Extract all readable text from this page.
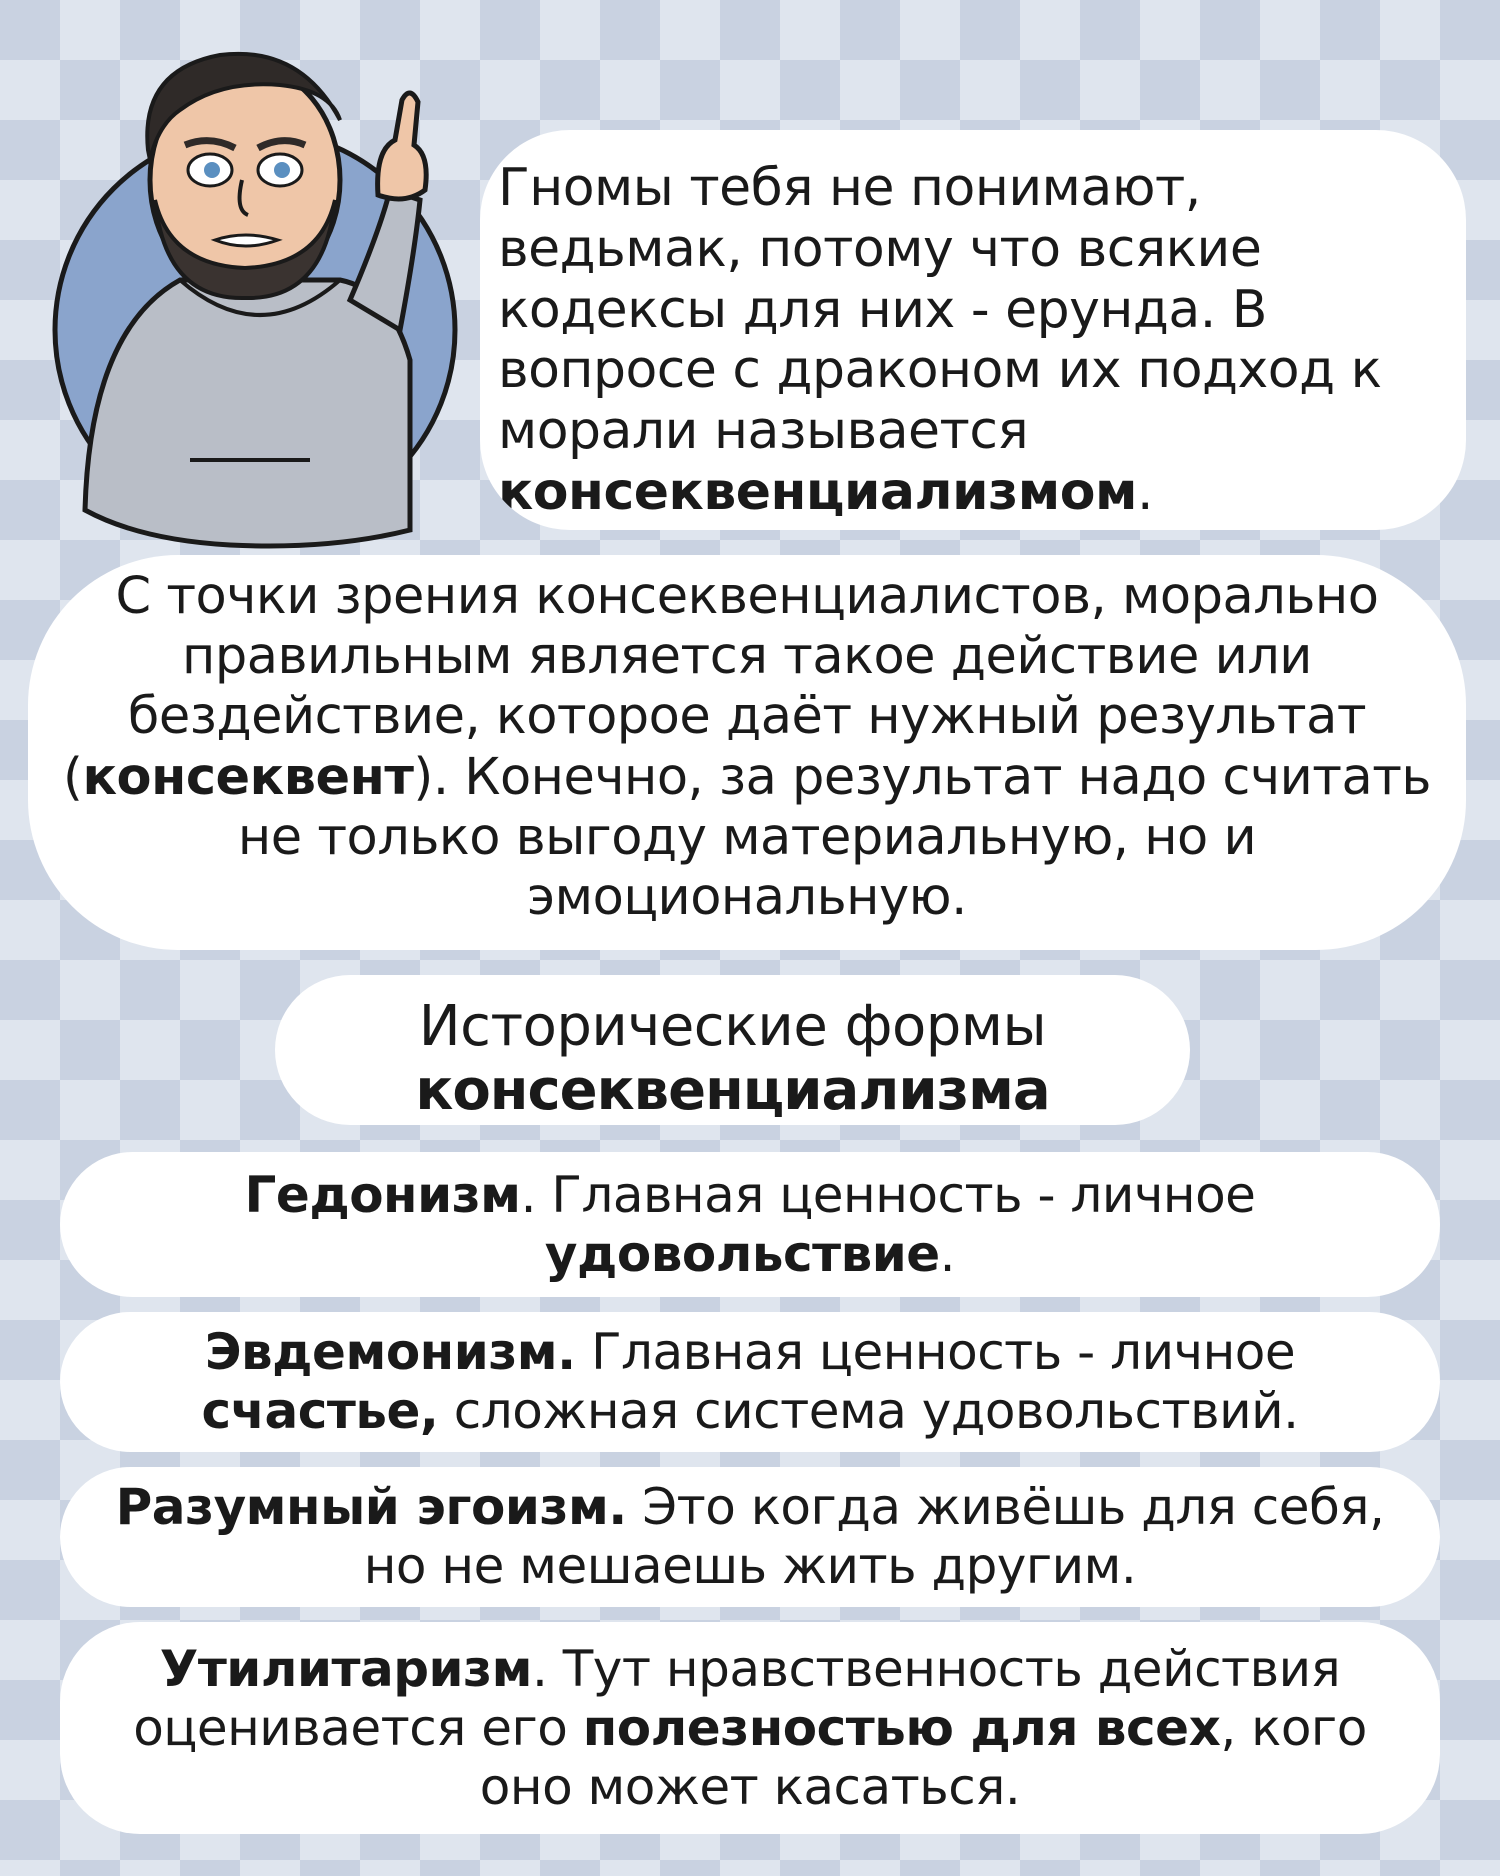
Гномы тебя не понимают, ведьмак, потому что всякие кодексы для них - ерунда. В вопросе с драконом их подход к морали называется консеквенциализмом.
С точки зрения консеквенциалистов, морально правильным является такое действие или бездействие, которое даёт нужный результат (консеквент). Конечно, за результат надо считать не только выгоду материальную, но и эмоциональную.
Исторические формы
консеквенциализма
Гедонизм. Главная ценность - личное удовольствие.
Эвдемонизм. Главная ценность - личное счастье, сложная система удовольствий.
Разумный эгоизм. Это когда живёшь для себя, но не мешаешь жить другим.
Утилитаризм. Тут нравственность действия оценивается его полезностью для всех, кого оно может касаться.
